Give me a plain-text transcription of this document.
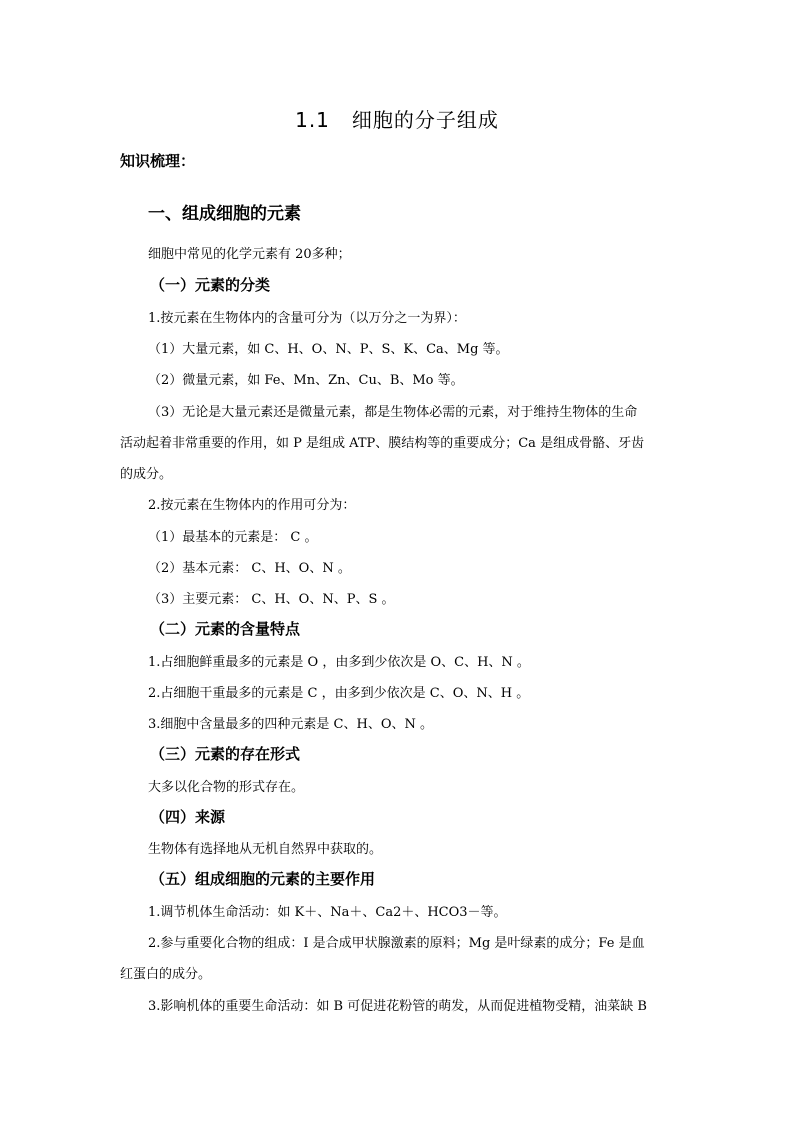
1.1 细胞的分子组成
知识梳理：
一、组成细胞的元素
细胞中常见的化学元素有 20多种；
（一）元素的分类
1.按元素在生物体内的含量可分为（以万分之一为界）：
（1）大量元素，如 C、H、O、N、P、S、K、Ca、Mg 等。
（2）微量元素，如 Fe、Mn、Zn、Cu、B、Mo 等。
（3）无论是大量元素还是微量元素，都是生物体必需的元素，对于维持生物体的生命
活动起着非常重要的作用，如 P 是组成 ATP、膜结构等的重要成分；Ca 是组成骨骼、牙齿
的成分。
2.按元素在生物体内的作用可分为：
（1）最基本的元素是： C 。
（2）基本元素： C、H、O、N 。
（3）主要元素： C、H、O、N、P、S 。
（二）元素的含量特点
1.占细胞鲜重最多的元素是 O ，由多到少依次是 O、C、H、N 。
2.占细胞干重最多的元素是 C ，由多到少依次是 C、O、N、H 。
3.细胞中含量最多的四种元素是 C、H、O、N 。
（三）元素的存在形式
大多以化合物的形式存在。
（四）来源
生物体有选择地从无机自然界中获取的。
（五）组成细胞的元素的主要作用
1.调节机体生命活动：如 K＋、Na＋、Ca2＋、HCO3－等。
2.参与重要化合物的组成：I 是合成甲状腺激素的原料；Mg 是叶绿素的成分；Fe 是血
红蛋白的成分。
3.影响机体的重要生命活动：如 B 可促进花粉管的萌发，从而促进植物受精，油菜缺 B
